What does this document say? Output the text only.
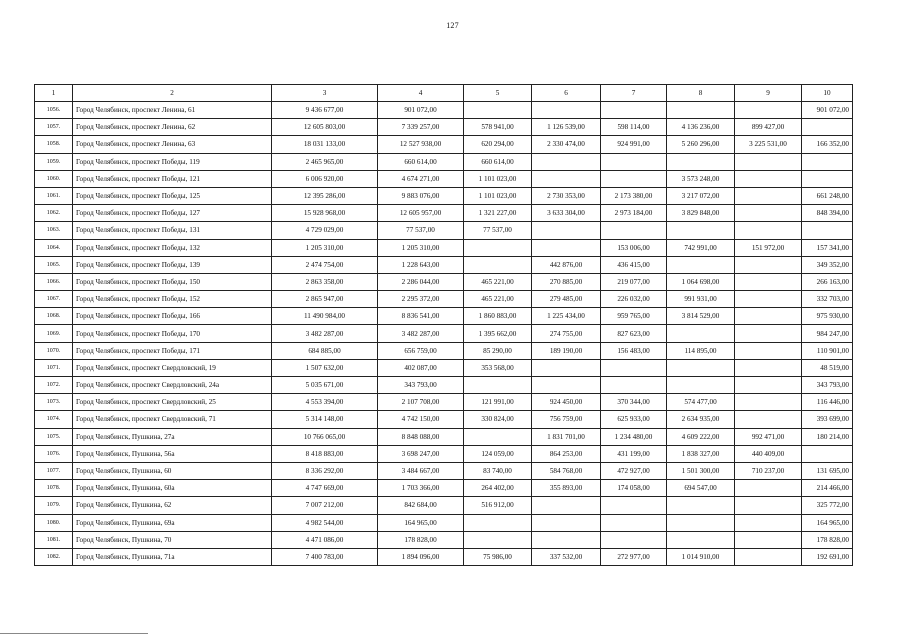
127
1	2	3	4	5	6	7	8	9	10
1056.	Город Челябинск, проспект Ленина, 61	9 436 677,00	901 072,00						901 072,00
1057.	Город Челябинск, проспект Ленина, 62	12 605 803,00	7 339 257,00	578 941,00	1 126 539,00	598 114,00	4 136 236,00	899 427,00	
1058.	Город Челябинск, проспект Ленина, 63	18 031 133,00	12 527 938,00	620 294,00	2 330 474,00	924 991,00	5 260 296,00	3 225 531,00	166 352,00
1059.	Город Челябинск, проспект Победы, 119	2 465 965,00	660 614,00	660 614,00					
1060.	Город Челябинск, проспект Победы, 121	6 006 920,00	4 674 271,00	1 101 023,00			3 573 248,00		
1061.	Город Челябинск, проспект Победы, 125	12 395 286,00	9 883 076,00	1 101 023,00	2 730 353,00	2 173 380,00	3 217 072,00		661 248,00
1062.	Город Челябинск, проспект Победы, 127	15 928 968,00	12 605 957,00	1 321 227,00	3 633 304,00	2 973 184,00	3 829 848,00		848 394,00
1063.	Город Челябинск, проспект Победы, 131	4 729 029,00	77 537,00	77 537,00					
1064.	Город Челябинск, проспект Победы, 132	1 205 310,00	1 205 310,00			153 006,00	742 991,00	151 972,00	157 341,00
1065.	Город Челябинск, проспект Победы, 139	2 474 754,00	1 228 643,00		442 876,00	436 415,00			349 352,00
1066.	Город Челябинск, проспект Победы, 150	2 863 358,00	2 286 044,00	465 221,00	270 885,00	219 077,00	1 064 698,00		266 163,00
1067.	Город Челябинск, проспект Победы, 152	2 865 947,00	2 295 372,00	465 221,00	279 485,00	226 032,00	991 931,00		332 703,00
1068.	Город Челябинск, проспект Победы, 166	11 490 984,00	8 836 541,00	1 860 883,00	1 225 434,00	959 765,00	3 814 529,00		975 930,00
1069.	Город Челябинск, проспект Победы, 170	3 482 287,00	3 482 287,00	1 395 662,00	274 755,00	827 623,00			984 247,00
1070.	Город Челябинск, проспект Победы, 171	684 885,00	656 759,00	85 290,00	189 190,00	156 483,00	114 895,00		110 901,00
1071.	Город Челябинск, проспект Свердловский, 19	1 507 632,00	402 087,00	353 568,00					48 519,00
1072.	Город Челябинск, проспект Свердловский, 24а	5 035 671,00	343 793,00						343 793,00
1073.	Город Челябинск, проспект Свердловский, 25	4 553 394,00	2 107 708,00	121 991,00	924 450,00	370 344,00	574 477,00		116 446,00
1074.	Город Челябинск, проспект Свердловский, 71	5 314 148,00	4 742 150,00	330 824,00	756 759,00	625 933,00	2 634 935,00		393 699,00
1075.	Город Челябинск, Пушкина, 27а	10 766 065,00	8 848 088,00		1 831 701,00	1 234 480,00	4 609 222,00	992 471,00	180 214,00
1076.	Город Челябинск, Пушкина, 56а	8 418 883,00	3 698 247,00	124 059,00	864 253,00	431 199,00	1 838 327,00	440 409,00	
1077.	Город Челябинск, Пушкина, 60	8 336 292,00	3 484 667,00	83 740,00	584 768,00	472 927,00	1 501 300,00	710 237,00	131 695,00
1078.	Город Челябинск, Пушкина, 60а	4 747 669,00	1 703 366,00	264 402,00	355 893,00	174 058,00	694 547,00		214 466,00
1079.	Город Челябинск, Пушкина, 62	7 007 212,00	842 684,00	516 912,00					325 772,00
1080.	Город Челябинск, Пушкина, 69а	4 982 544,00	164 965,00						164 965,00
1081.	Город Челябинск, Пушкина, 70	4 471 086,00	178 828,00						178 828,00
1082.	Город Челябинск, Пушкина, 71а	7 400 783,00	1 894 096,00	75 986,00	337 532,00	272 977,00	1 014 910,00		192 691,00
